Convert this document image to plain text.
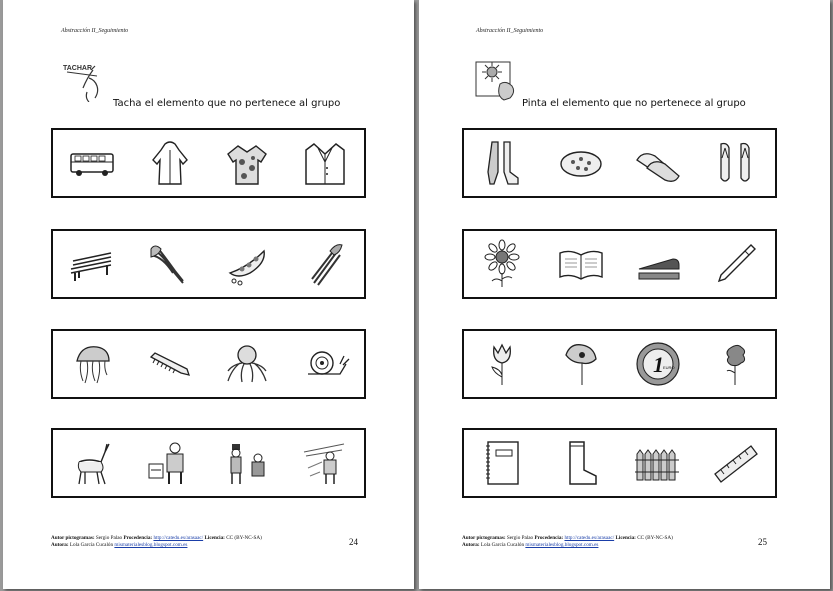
Abstracción II_Seguimiento
TACHAR
Tacha el elemento que no pertenece al grupo
Autor pictogramas: Sergio Palao Procedencia: http://catedu.es/arasaac/ Licencia: CC (BY-NC-SA)
Autora: Lola García Cucalón mismaterialesblog.blogspot.com.es	24
Abstracción II_Seguimiento
Pinta el elemento que no pertenece al grupo
1 EURO
Autor pictogramas: Sergio Palao Procedencia: http://catedu.es/arasaac/ Licencia: CC (BY-NC-SA)
Autora: Lola García Cucalón mismaterialesblog.blogspot.com.es	25
